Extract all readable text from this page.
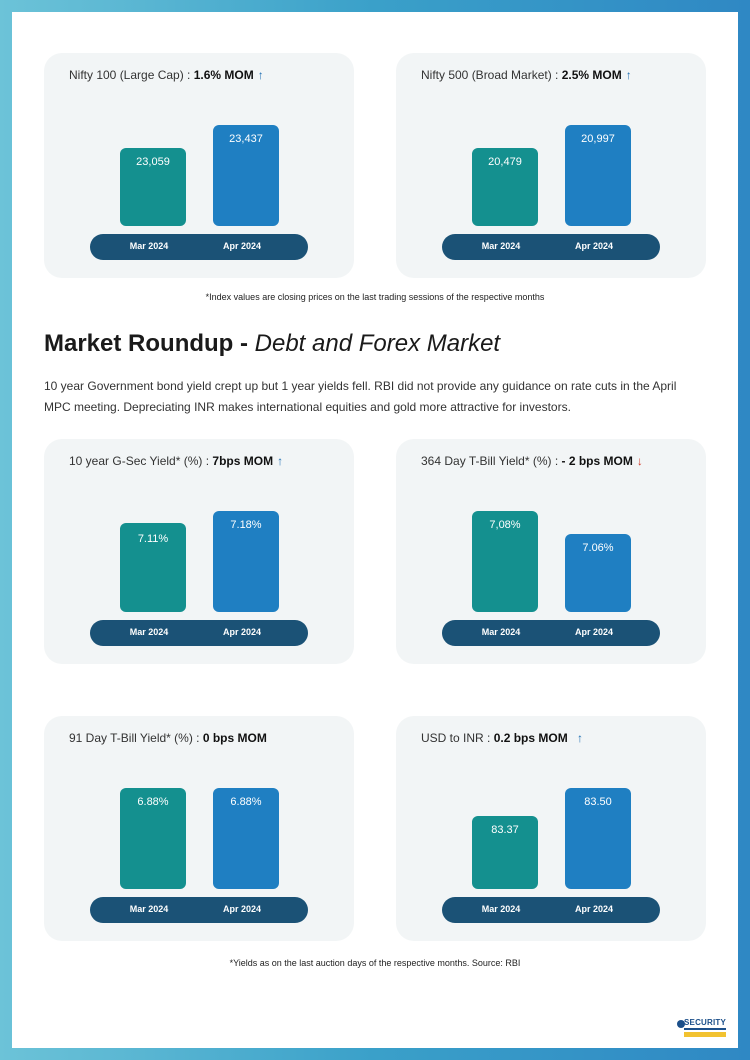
Nifty 100 (Large Cap) : 1.6% MOM ↑
23,059
23,437
Mar 2024	Apr 2024
Nifty 500 (Broad Market) : 2.5% MOM ↑
20,479
20,997
Mar 2024	Apr 2024
*Index values are closing prices on the last trading sessions of the respective months
Market Roundup - Debt and Forex Market
10 year Government bond yield crept up but 1 year yields fell. RBI did not provide any guidance on rate cuts in the April MPC meeting. Depreciating INR makes international equities and gold more attractive for investors.
10 year G-Sec Yield* (%) : 7bps MOM ↑
7.11%
7.18%
Mar 2024	Apr 2024
364 Day T-Bill Yield* (%) : - 2 bps MOM ↓
7,08%
7.06%
Mar 2024	Apr 2024
91 Day T-Bill Yield* (%) : 0 bps MOM
6.88%	6.88%
Mar 2024	Apr 2024
USD to INR : 0.2 bps MOM ↑
83.37
83.50
Mar 2024	Apr 2024
*Yields as on the last auction days of the respective months. Source: RBI
SECURITY
